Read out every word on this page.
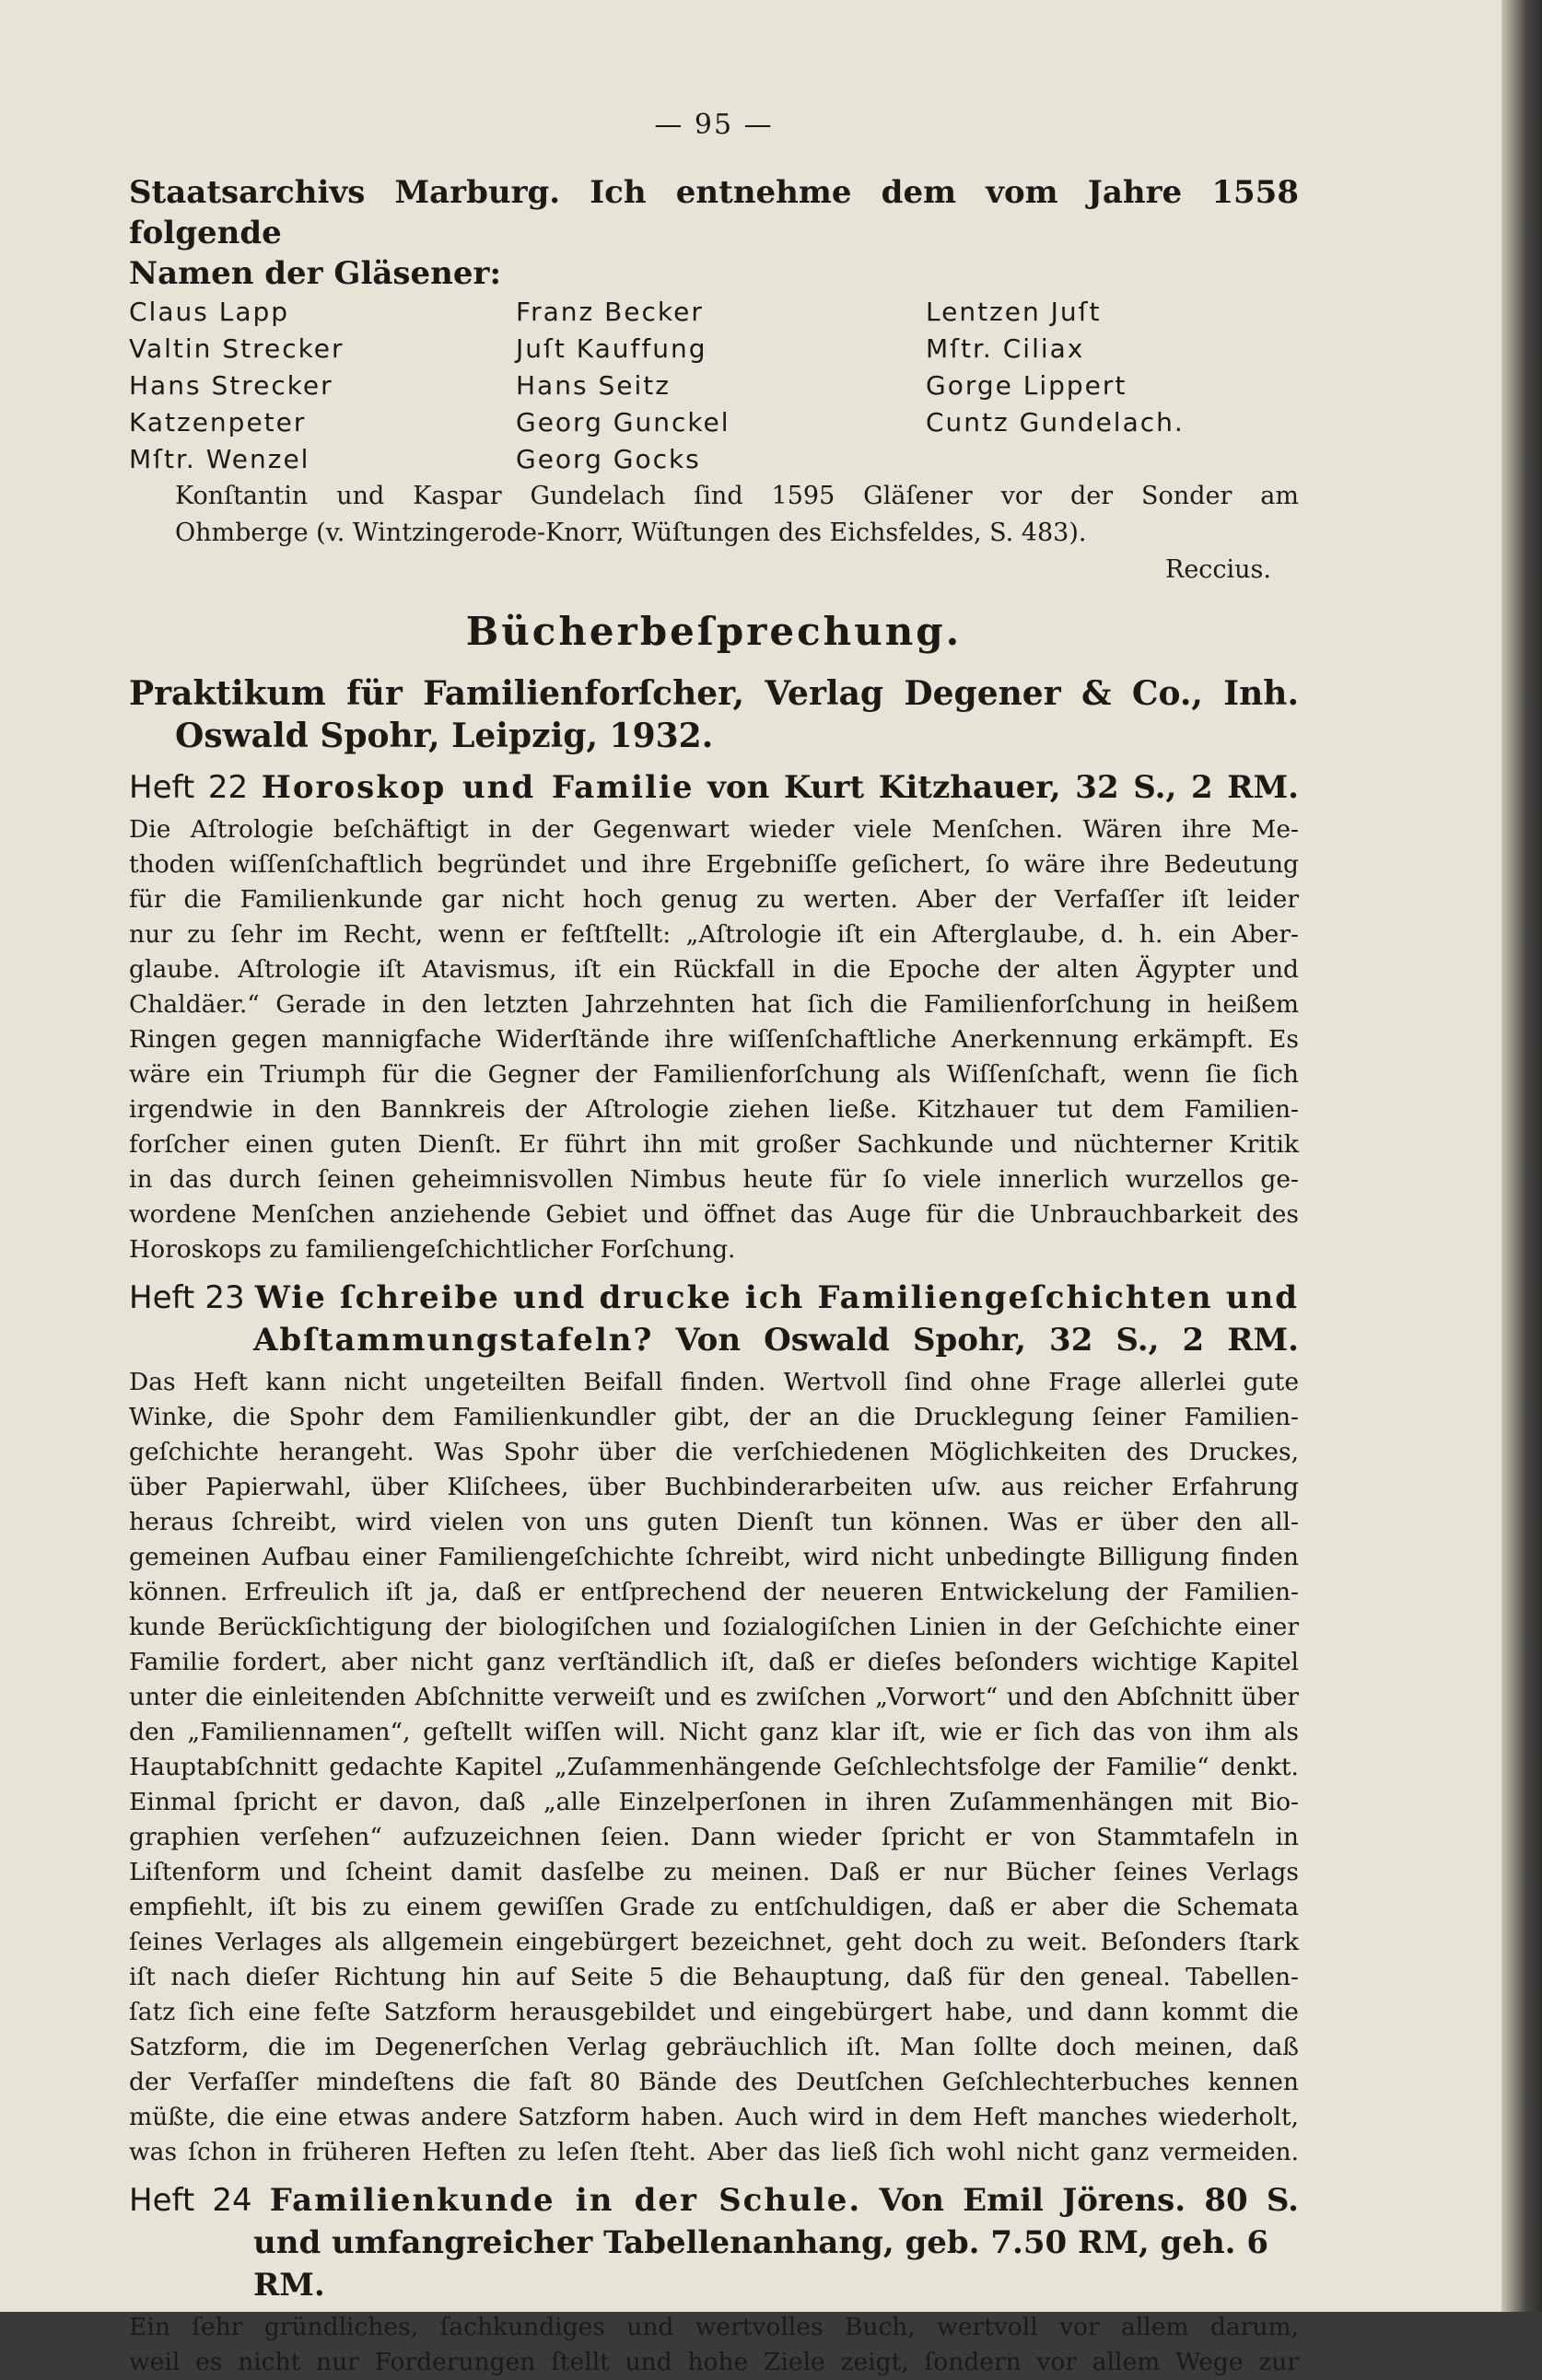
— 95 —

Staatsarchivs Marburg. Ich entnehme dem vom Jahre 1558 folgende

Namen der Gläsener:

Claus Lapp	Franz Becker	Lentzen Juſt
Valtin Strecker	Juſt Kauffung	Mſtr. Ciliax
Hans Strecker	Hans Seitz	Gorge Lippert
Katzenpeter	Georg Gunckel	Cuntz Gundelach.
Mſtr. Wenzel	Georg Gocks

Konſtantin und Kaspar Gundelach ſind 1595 Gläſener vor der Sonder am

Ohmberge (v. Wintzingerode-Knorr, Wüſtungen des Eichsfeldes, S. 483).

Reccius.

Bücherbeſprechung.

Praktikum für Familienforſcher, Verlag Degener & Co., Inh.

Oswald Spohr, Leipzig, 1932.

Heft 22 Horoskop und Familie von Kurt Kitzhauer, 32 S., 2 RM.

Die Aſtrologie beſchäftigt in der Gegenwart wieder viele Menſchen. Wären ihre Me-
thoden wiſſenſchaftlich begründet und ihre Ergebniſſe geſichert, ſo wäre ihre Bedeutung
für die Familienkunde gar nicht hoch genug zu werten. Aber der Verfaſſer iſt leider
nur zu ſehr im Recht, wenn er feſtſtellt: „Aſtrologie iſt ein Afterglaube, d. h. ein Aber-
glaube. Aſtrologie iſt Atavismus, iſt ein Rückfall in die Epoche der alten Ägypter und
Chaldäer.“ Gerade in den letzten Jahrzehnten hat ſich die Familienforſchung in heißem
Ringen gegen mannigfache Widerſtände ihre wiſſenſchaftliche Anerkennung erkämpft. Es
wäre ein Triumph für die Gegner der Familienforſchung als Wiſſenſchaft, wenn ſie ſich
irgendwie in den Bannkreis der Aſtrologie ziehen ließe. Kitzhauer tut dem Familien-
forſcher einen guten Dienſt. Er führt ihn mit großer Sachkunde und nüchterner Kritik
in das durch ſeinen geheimnisvollen Nimbus heute für ſo viele innerlich wurzellos ge-
wordene Menſchen anziehende Gebiet und öffnet das Auge für die Unbrauchbarkeit des
Horoskops zu familiengeſchichtlicher Forſchung.

Heft 23 Wie ſchreibe und drucke ich Familiengeſchichten und

Abſtammungstafeln? Von Oswald Spohr, 32 S., 2 RM.

Das Heft kann nicht ungeteilten Beifall finden. Wertvoll ſind ohne Frage allerlei gute
Winke, die Spohr dem Familienkundler gibt, der an die Drucklegung ſeiner Familien-
geſchichte herangeht. Was Spohr über die verſchiedenen Möglichkeiten des Druckes,
über Papierwahl, über Kliſchees, über Buchbinderarbeiten uſw. aus reicher Erfahrung
heraus ſchreibt, wird vielen von uns guten Dienſt tun können. Was er über den all-
gemeinen Aufbau einer Familiengeſchichte ſchreibt, wird nicht unbedingte Billigung finden
können. Erfreulich iſt ja, daß er entſprechend der neueren Entwickelung der Familien-
kunde Berückſichtigung der biologiſchen und ſozialogiſchen Linien in der Geſchichte einer
Familie fordert, aber nicht ganz verſtändlich iſt, daß er dieſes beſonders wichtige Kapitel
unter die einleitenden Abſchnitte verweiſt und es zwiſchen „Vorwort“ und den Abſchnitt über
den „Familiennamen“, geſtellt wiſſen will. Nicht ganz klar iſt, wie er ſich das von ihm als
Hauptabſchnitt gedachte Kapitel „Zuſammenhängende Geſchlechtsfolge der Familie“ denkt.
Einmal ſpricht er davon, daß „alle Einzelperſonen in ihren Zuſammenhängen mit Bio-
graphien verſehen“ aufzuzeichnen ſeien. Dann wieder ſpricht er von Stammtafeln in
Liſtenform und ſcheint damit dasſelbe zu meinen. Daß er nur Bücher ſeines Verlags
empfiehlt, iſt bis zu einem gewiſſen Grade zu entſchuldigen, daß er aber die Schemata
ſeines Verlages als allgemein eingebürgert bezeichnet, geht doch zu weit. Beſonders ſtark
iſt nach dieſer Richtung hin auf Seite 5 die Behauptung, daß für den geneal. Tabellen-
ſatz ſich eine feſte Satzform herausgebildet und eingebürgert habe, und dann kommt die
Satzform, die im Degenerſchen Verlag gebräuchlich iſt. Man ſollte doch meinen, daß
der Verfaſſer mindeſtens die faſt 80 Bände des Deutſchen Geſchlechterbuches kennen
müßte, die eine etwas andere Satzform haben. Auch wird in dem Heft manches wiederholt,
was ſchon in früheren Heften zu leſen ſteht. Aber das ließ ſich wohl nicht ganz vermeiden.

Heft 24 Familienkunde in der Schule. Von Emil Jörens. 80 S.

und umfangreicher Tabellenanhang, geb. 7.50 RM, geh. 6 RM.

Ein ſehr gründliches, ſachkundiges und wertvolles Buch, wertvoll vor allem darum,
weil es nicht nur Forderungen ſtellt und hohe Ziele zeigt, ſondern vor allem Wege zur
